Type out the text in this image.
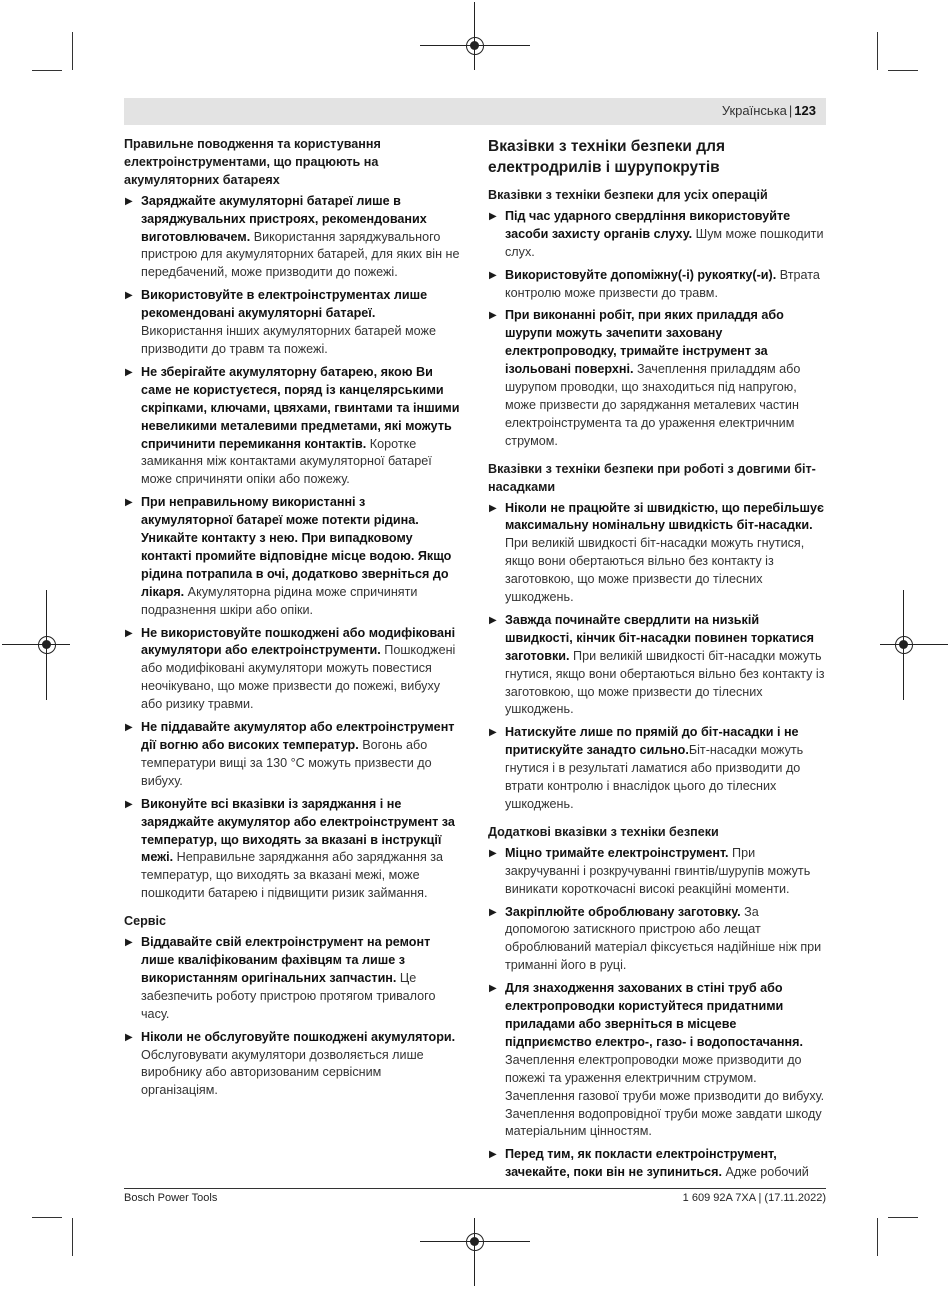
Українська | 123
Правильне поводження та користування електроінструментами, що працюють на акумуляторних батареях
▶ Заряджайте акумуляторні батареї лише в заряджувальних пристроях, рекомендованих виготовлювачем. Використання заряджувального пристрою для акумуляторних батарей, для яких він не передбачений, може призводити до пожежі.
▶ Використовуйте в електроінструментах лише рекомендовані акумуляторні батареї. Використання інших акумуляторних батарей може призводити до травм та пожежі.
▶ Не зберігайте акумуляторну батарею, якою Ви саме не користуєтеся, поряд із канцелярськими скріпками, ключами, цвяхами, гвинтами та іншими невеликими металевими предметами, які можуть спричинити перемикання контактів. Коротке замикання між контактами акумуляторної батареї може спричиняти опіки або пожежу.
▶ При неправильному використанні з акумуляторної батареї може потекти рідина. Уникайте контакту з нею. При випадковому контакті промийте відповідне місце водою. Якщо рідина потрапила в очі, додатково зверніться до лікаря. Акумуляторна рідина може спричиняти подразнення шкіри або опіки.
▶ Не використовуйте пошкоджені або модифіковані акумулятори або електроінструменти. Пошкоджені або модифіковані акумулятори можуть повестися неочікувано, що може призвести до пожежі, вибуху або ризику травми.
▶ Не піддавайте акумулятор або електроінструмент дії вогню або високих температур. Вогонь або температури вищі за 130 °C можуть призвести до вибуху.
▶ Виконуйте всі вказівки із заряджання і не заряджайте акумулятор або електроінструмент за температур, що виходять за вказані в інструкції межі. Неправильне заряджання або заряджання за температур, що виходять за вказані межі, може пошкодити батарею і підвищити ризик займання.
Сервіс
▶ Віддавайте свій електроінструмент на ремонт лише кваліфікованим фахівцям та лише з використанням оригінальних запчастин. Це забезпечить роботу пристрою протягом тривалого часу.
▶ Ніколи не обслуговуйте пошкоджені акумулятори. Обслуговувати акумулятори дозволяється лише виробнику або авторизованим сервісним організаціям.
Вказівки з техніки безпеки для електродрилів і шурупокрутів
Вказівки з техніки безпеки для усіх операцій
▶ Під час ударного свердління використовуйте засоби захисту органів слуху. Шум може пошкодити слух.
▶ Використовуйте допоміжну(-і) рукоятку(-и). Втрата контролю може призвести до травм.
▶ При виконанні робіт, при яких приладдя або шурупи можуть зачепити заховану електропроводку, тримайте інструмент за ізольовані поверхні. Зачеплення приладдям або шурупом проводки, що знаходиться під напругою, може призвести до заряджання металевих частин електроінструмента та до ураження електричним струмом.
Вказівки з техніки безпеки при роботі з довгими біт-насадками
▶ Ніколи не працюйте зі швидкістю, що перебільшує максимальну номінальну швидкість біт-насадки. При великій швидкості біт-насадки можуть гнутися, якщо вони обертаються вільно без контакту із заготовкою, що може призвести до тілесних ушкоджень.
▶ Завжда починайте свердлити на низькій швидкості, кінчик біт-насадки повинен торкатися заготовки. При великій швидкості біт-насадки можуть гнутися, якщо вони обертаються вільно без контакту із заготовкою, що може призвести до тілесних ушкоджень.
▶ Натискуйте лише по прямій до біт-насадки і не притискуйте занадто сильно.Біт-насадки можуть гнутися і в результаті ламатися або призводити до втрати контролю і внаслідок цього до тілесних ушкоджень.
Додаткові вказівки з техніки безпеки
▶ Міцно тримайте електроінструмент. При закручуванні і розкручуванні гвинтів/шурупів можуть виникати короткочасні високі реакційні моменти.
▶ Закріплюйте оброблювану заготовку. За допомогою затискного пристрою або лещат оброблюваний матеріал фіксується надійніше ніж при триманні його в руці.
▶ Для знаходження захованих в стіні труб або електропроводки користуйтеся придатними приладами або зверніться в місцеве підприємство електро-, газо- і водопостачання. Зачеплення електропроводки може призводити до пожежі та ураження електричним струмом. Зачеплення газової труби може призводити до вибуху. Зачеплення водопровідної труби може завдати шкоду матеріальним цінностям.
▶ Перед тим, як покласти електроінструмент, зачекайте, поки він не зупиниться. Адже робочий
Bosch Power Tools	1 609 92A 7XA | (17.11.2022)
